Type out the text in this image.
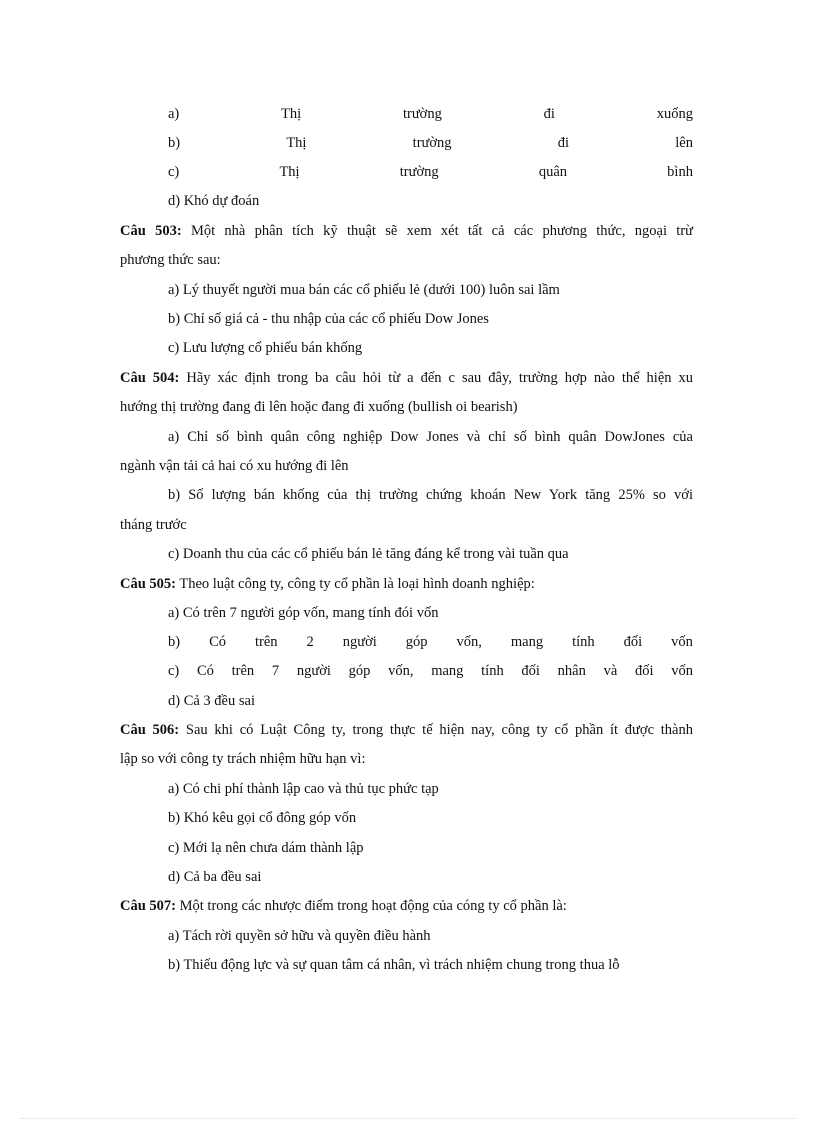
a)	Thị	trường	đi	xuống
b)	Thị	trường	đi	lên
c)	Thị	trường	quân	bình
d) Khó dự đoán
Câu 503: Một nhà phân tích kỹ thuật sẽ xem xét tất cả các phương thức, ngoại trừ
phương thức sau:
a) Lý thuyết người mua bán các cổ phiếu lẻ (dưới 100) luôn sai lầm
b) Chỉ số giá cả - thu nhập của các cổ phiếu Dow Jones
c) Lưu lượng cổ phiếu bán khống
Câu 504: Hãy xác định trong ba câu hỏi từ a đến c sau đây, trường hợp nào thể hiện xu
hướng thị trường đang đi lên hoặc đang đi xuống (bullish oi bearish)
a) Chỉ số bình quân công nghiệp Dow Jones và chỉ số bình quân DowJones của
ngành vận tải cả hai có xu hướng đi lên
b) Số lượng bán khống của thị trường chứng khoán New York tăng 25% so với
tháng trước
c) Doanh thu của các cổ phiếu bán lẻ tăng đáng kể trong vài tuần qua
Câu 505: Theo luật công ty, công ty cổ phần là loại hình doanh nghiệp:
a) Có trên 7 người góp vốn, mang tính đói vốn
b) Có trên 2 người góp vốn, mang tính đối vốn
c) Có trên 7 người góp vốn, mang tính đối nhân và đối vốn
d) Cả 3 đều sai
Câu 506: Sau khi có Luật Công ty, trong thực tế hiện nay, công ty cổ phần ít được thành
lập so với công ty trách nhiệm hữu hạn vì:
a) Có chi phí thành lập cao và thủ tục phức tạp
b) Khó kêu gọi cổ đông góp vốn
c) Mới lạ nên chưa dám thành lập
d) Cả ba đều sai
Câu 507: Một trong các nhược điểm trong hoạt động của cóng ty cổ phần là:
a) Tách rời quyền sở hữu và quyền điều hành
b) Thiếu động lực và sự quan tâm cá nhân, vì trách nhiệm chung trong thua lỗ
